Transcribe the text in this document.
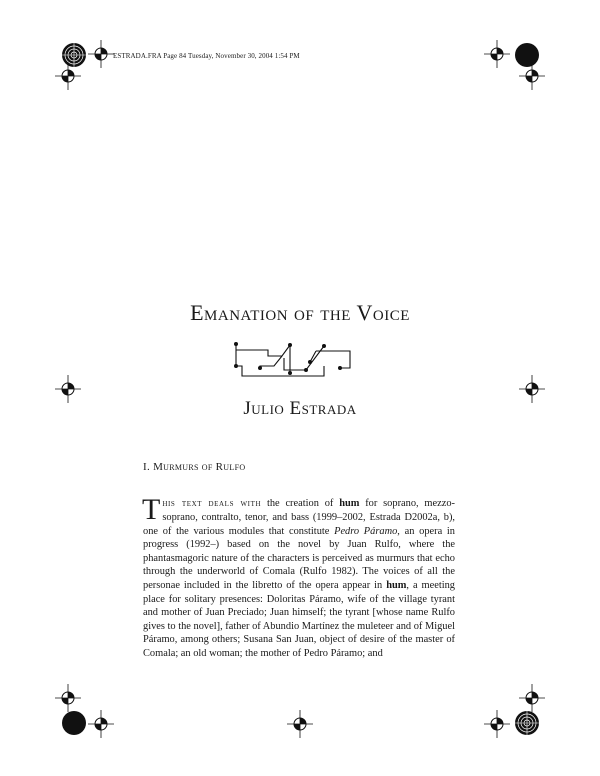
ESTRADA.FRA Page 84 Tuesday, November 30, 2004 1:54 PM
Emanation of the Voice
Julio Estrada
I. Murmurs of Rulfo

This text deals with the creation of hum for soprano, mezzo-soprano, contralto, tenor, and bass (1999–2002, Estrada D2002a, b), one of the various modules that constitute Pedro Páramo, an opera in progress (1992–) based on the novel by Juan Rulfo, where the phantasmagoric nature of the characters is perceived as murmurs that echo through the underworld of Comala (Rulfo 1982). The voices of all the personae included in the libretto of the opera appear in hum, a meeting place for solitary presences: Doloritas Páramo, wife of the village tyrant and mother of Juan Preciado; Juan himself; the tyrant [whose name Rulfo gives to the novel], father of Abundio Martínez the muleteer and of Miguel Páramo, among others; Susana San Juan, object of desire of the master of Comala; an old woman; the mother of Pedro Páramo; and
